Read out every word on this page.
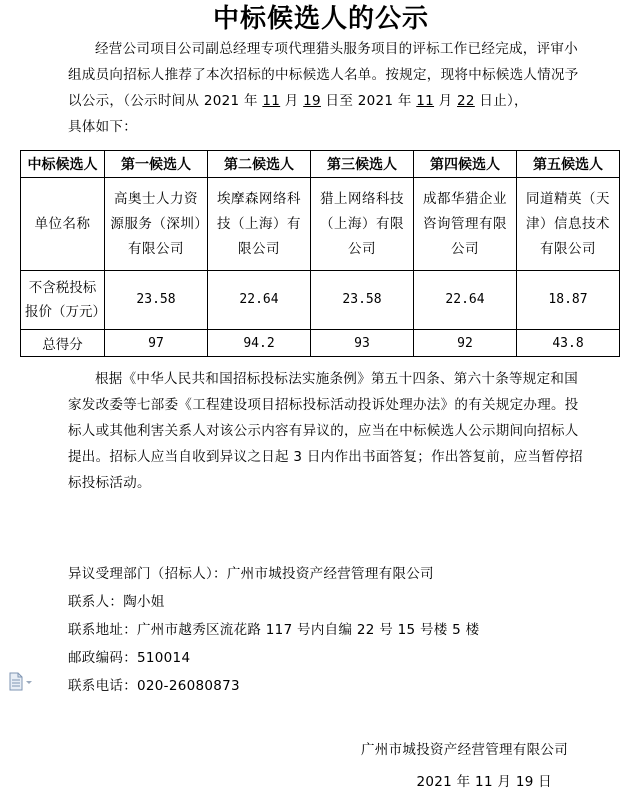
中标候选人的公示
经营公司项目公司副总经理专项代理猎头服务项目的评标工作已经完成，评审小组成员向招标人推荐了本次招标的中标候选人名单。按规定，现将中标候选人情况予以公示，（公示时间从 2021 年 11 月 19 日至 2021 年 11 月 22 日止），
具体如下：
中标候选人	第一候选人	第二候选人	第三候选人	第四候选人	第五候选人
单位名称	高奥士人力资源服务（深圳）有限公司	埃摩森网络科技（上海）有限公司	猎上网络科技（上海）有限公司	成都华猎企业咨询管理有限公司	同道精英（天津）信息技术有限公司
不含税投标报价（万元）	23.58	22.64	23.58	22.64	18.87
总得分	97	94.2	93	92	43.8
根据《中华人民共和国招标投标法实施条例》第五十四条、第六十条等规定和国家发改委等七部委《工程建设项目招标投标活动投诉处理办法》的有关规定办理。投标人或其他利害关系人对该公示内容有异议的，应当在中标候选人公示期间向招标人提出。招标人应当自收到异议之日起 3 日内作出书面答复；作出答复前，应当暂停招标投标活动。
异议受理部门（招标人）：广州市城投资产经营管理有限公司
联系人：陶小姐
联系地址：广州市越秀区流花路 117 号内自编 22 号 15 号楼 5 楼
邮政编码：510014
联系电话：020-26080873
广州市城投资产经营管理有限公司
2021 年 11 月 19 日
